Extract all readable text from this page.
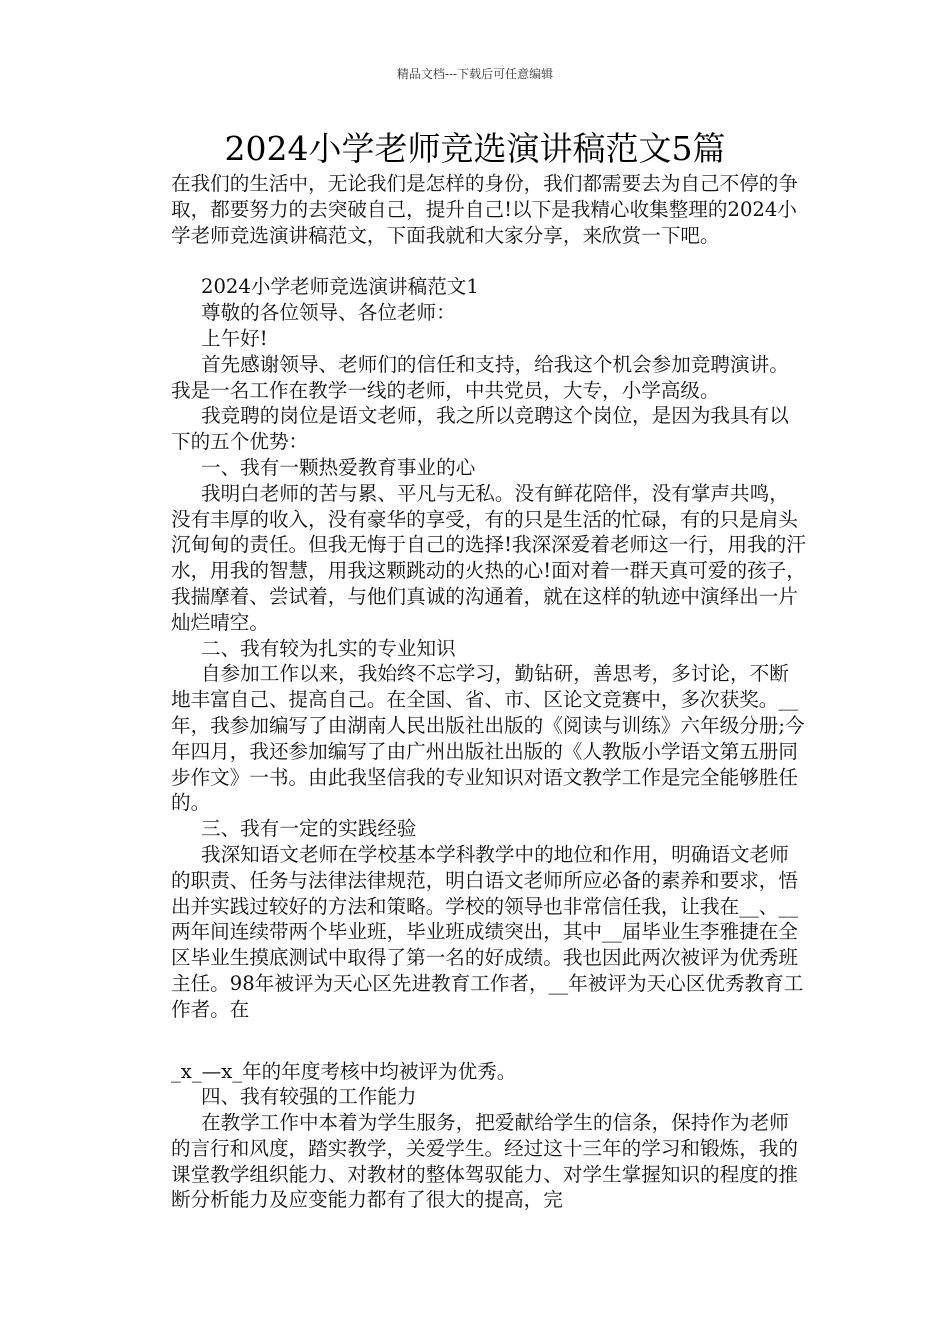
精品文档---下载后可任意编辑
2024小学老师竞选演讲稿范文5篇

在我们的生活中，无论我们是怎样的身份，我们都需要去为自己不停的争取，都要努力的去突破自己，提升自己!以下是我精心收集整理的2024小学老师竞选演讲稿范文，下面我就和大家分享，来欣赏一下吧。

2024小学老师竞选演讲稿范文1

尊敬的各位领导、各位老师：

上午好!

首先感谢领导、老师们的信任和支持，给我这个机会参加竞聘演讲。我是一名工作在教学一线的老师，中共党员，大专，小学高级。

我竞聘的岗位是语文老师，我之所以竞聘这个岗位，是因为我具有以下的五个优势：

一、我有一颗热爱教育事业的心

我明白老师的苦与累、平凡与无私。没有鲜花陪伴，没有掌声共鸣，没有丰厚的收入，没有豪华的享受，有的只是生活的忙碌，有的只是肩头沉甸甸的责任。但我无悔于自己的选择!我深深爱着老师这一行，用我的汗水，用我的智慧，用我这颗跳动的火热的心!面对着一群天真可爱的孩子，我揣摩着、尝试着，与他们真诚的沟通着，就在这样的轨迹中演绎出一片灿烂晴空。

二、我有较为扎实的专业知识

自参加工作以来，我始终不忘学习，勤钻研，善思考，多讨论，不断地丰富自己、提高自己。在全国、省、市、区论文竞赛中，多次获奖。__年，我参加编写了由湖南人民出版社出版的《阅读与训练》六年级分册;今年四月，我还参加编写了由广州出版社出版的《人教版小学语文第五册同步作文》一书。由此我坚信我的专业知识对语文教学工作是完全能够胜任的。

三、我有一定的实践经验

我深知语文老师在学校基本学科教学中的地位和作用，明确语文老师的职责、任务与法律法律规范，明白语文老师所应必备的素养和要求，悟出并实践过较好的方法和策略。学校的领导也非常信任我，让我在__、__两年间连续带两个毕业班，毕业班成绩突出，其中__届毕业生李雅捷在全区毕业生摸底测试中取得了第一名的好成绩。我也因此两次被评为优秀班主任。98年被评为天心区先进教育工作者，__年被评为天心区优秀教育工作者。在

_x_—x_年的年度考核中均被评为优秀。

四、我有较强的工作能力

在教学工作中本着为学生服务，把爱献给学生的信条，保持作为老师的言行和风度，踏实教学，关爱学生。经过这十三年的学习和锻炼，我的课堂教学组织能力、对教材的整体驾驭能力、对学生掌握知识的程度的推断分析能力及应变能力都有了很大的提高，完
